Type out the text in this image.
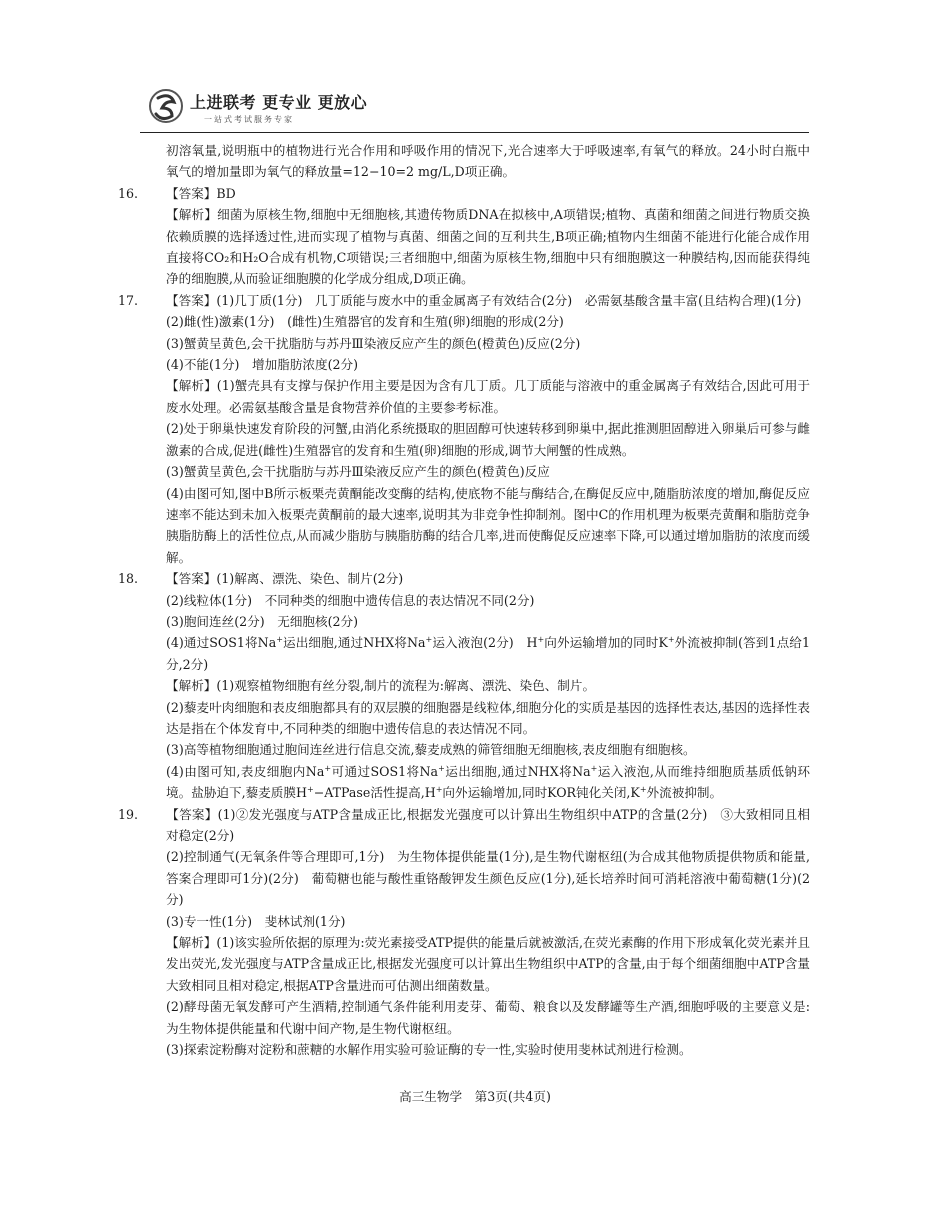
上进联考 更专业 更放心
一站式考试服务专家

初溶氧量,说明瓶中的植物进行光合作用和呼吸作用的情况下,光合速率大于呼吸速率,有氧气的释放。24小时白瓶中氧气的增加量即为氧气的释放量=12−10=2 mg/L,D项正确。

16. 【答案】BD

【解析】细菌为原核生物,细胞中无细胞核,其遗传物质DNA在拟核中,A项错误;植物、真菌和细菌之间进行物质交换依赖质膜的选择透过性,进而实现了植物与真菌、细菌之间的互利共生,B项正确;植物内生细菌不能进行化能合成作用直接将CO₂和H₂O合成有机物,C项错误;三者细胞中,细菌为原核生物,细胞中只有细胞膜这一种膜结构,因而能获得纯净的细胞膜,从而验证细胞膜的化学成分组成,D项正确。

17. 【答案】(1)几丁质(1分)　几丁质能与废水中的重金属离子有效结合(2分)　必需氨基酸含量丰富(且结构合理)(1分)

(2)雌(性)激素(1分)　(雌性)生殖器官的发育和生殖(卵)细胞的形成(2分)

(3)蟹黄呈黄色,会干扰脂肪与苏丹Ⅲ染液反应产生的颜色(橙黄色)反应(2分)

(4)不能(1分)　增加脂肪浓度(2分)

【解析】(1)蟹壳具有支撑与保护作用主要是因为含有几丁质。几丁质能与溶液中的重金属离子有效结合,因此可用于废水处理。必需氨基酸含量是食物营养价值的主要参考标准。

(2)处于卵巢快速发育阶段的河蟹,由消化系统摄取的胆固醇可快速转移到卵巢中,据此推测胆固醇进入卵巢后可参与雌激素的合成,促进(雌性)生殖器官的发育和生殖(卵)细胞的形成,调节大闸蟹的性成熟。

(3)蟹黄呈黄色,会干扰脂肪与苏丹Ⅲ染液反应产生的颜色(橙黄色)反应

(4)由图可知,图中B所示板栗壳黄酮能改变酶的结构,使底物不能与酶结合,在酶促反应中,随脂肪浓度的增加,酶促反应速率不能达到未加入板栗壳黄酮前的最大速率,说明其为非竞争性抑制剂。图中C的作用机理为板栗壳黄酮和脂肪竞争胰脂肪酶上的活性位点,从而减少脂肪与胰脂肪酶的结合几率,进而使酶促反应速率下降,可以通过增加脂肪的浓度而缓解。

18. 【答案】(1)解离、漂洗、染色、制片(2分)

(2)线粒体(1分)　不同种类的细胞中遗传信息的表达情况不同(2分)

(3)胞间连丝(2分)　无细胞核(2分)

(4)通过SOS1将Na+运出细胞,通过NHX将Na+运入液泡(2分)　H+向外运输增加的同时K+外流被抑制(答到1点给1分,2分)

【解析】(1)观察植物细胞有丝分裂,制片的流程为:解离、漂洗、染色、制片。

(2)藜麦叶肉细胞和表皮细胞都具有的双层膜的细胞器是线粒体,细胞分化的实质是基因的选择性表达,基因的选择性表达是指在个体发育中,不同种类的细胞中遗传信息的表达情况不同。

(3)高等植物细胞通过胞间连丝进行信息交流,藜麦成熟的筛管细胞无细胞核,表皮细胞有细胞核。

(4)由图可知,表皮细胞内Na+可通过SOS1将Na+运出细胞,通过NHX将Na+运入液泡,从而维持细胞质基质低钠环境。盐胁迫下,藜麦质膜H+−ATPase活性提高,H+向外运输增加,同时KOR钝化关闭,K+外流被抑制。

19. 【答案】(1)②发光强度与ATP含量成正比,根据发光强度可以计算出生物组织中ATP的含量(2分)　③大致相同且相对稳定(2分)

(2)控制通气(无氧条件等合理即可,1分)　为生物体提供能量(1分),是生物代谢枢纽(为合成其他物质提供物质和能量,答案合理即可1分)(2分)　葡萄糖也能与酸性重铬酸钾发生颜色反应(1分),延长培养时间可消耗溶液中葡萄糖(1分)(2分)

(3)专一性(1分)　斐林试剂(1分)

【解析】(1)该实验所依据的原理为:荧光素接受ATP提供的能量后就被激活,在荧光素酶的作用下形成氧化荧光素并且发出荧光,发光强度与ATP含量成正比,根据发光强度可以计算出生物组织中ATP的含量,由于每个细菌细胞中ATP含量大致相同且相对稳定,根据ATP含量进而可估测出细菌数量。

(2)酵母菌无氧发酵可产生酒精,控制通气条件能利用麦芽、葡萄、粮食以及发酵罐等生产酒,细胞呼吸的主要意义是:为生物体提供能量和代谢中间产物,是生物代谢枢纽。

(3)探索淀粉酶对淀粉和蔗糖的水解作用实验可验证酶的专一性,实验时使用斐林试剂进行检测。

高三生物学　第3页(共4页)
